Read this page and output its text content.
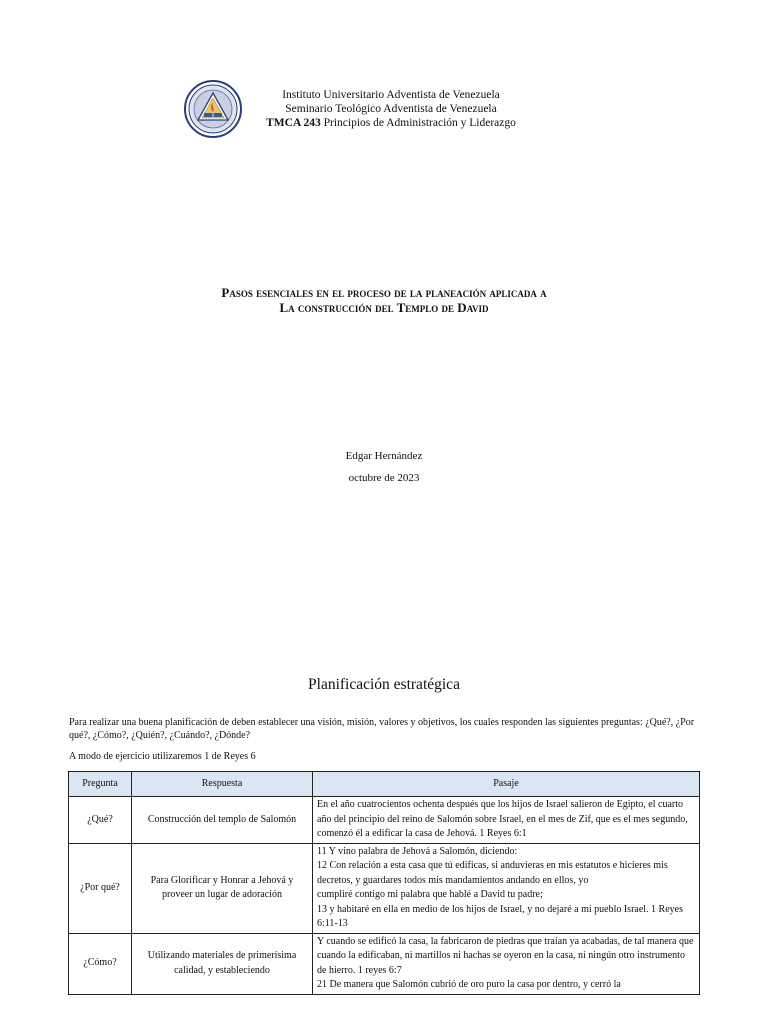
Instituto Universitario Adventista de Venezuela
Seminario Teológico Adventista de Venezuela
TMCA 243 Principios de Administración y Liderazgo
Pasos esenciales en el proceso de la planeación aplicada a
La construcción del Templo de David
Edgar Hernández
octubre de 2023
Planificación estratégica
Para realizar una buena planificación de deben establecer una visión, misión, valores y objetivos, los cuales responden las siguientes preguntas: ¿Qué?, ¿Por qué?, ¿Cómo?, ¿Quién?, ¿Cuándo?, ¿Dónde?
A modo de ejercicio utilizaremos 1 de Reyes 6
Pregunta	Respuesta	Pasaje
¿Qué?	Construcción del templo de Salomón	En el año cuatrocientos ochenta después que los hijos de Israel salieron de Egipto, el cuarto año del principio del reino de Salomón sobre Israel, en el mes de Zif, que es el mes segundo, comenzó él a edificar la casa de Jehová. 1 Reyes 6:1

¿Por qué?	Para Glorificar y Honrar a Jehová y proveer un lugar de adoración	11 Y vino palabra de Jehová a Salomón, diciendo:
12 Con relación a esta casa que tú edificas, si anduvieras en mis estatutos e hicieres mis decretos, y guardares todos mis mandamientos andando en ellos, yo
cumpliré contigo mi palabra que hablé a David tu padre;
13 y habitaré en ella en medio de los hijos de Israel, y no dejaré a mi pueblo Israel. 1 Reyes 6:11-13

¿Cómo?	Utilizando materiales de primerísima calidad, y estableciendo	Y cuando se edificó la casa, la fabricaron de piedras que traían ya acabadas, de tal manera que cuando la edificaban, ni martillos ni hachas se oyeron en la casa, ni ningún otro instrumento de hierro. 1 reyes 6:7
21 De manera que Salomón cubrió de oro puro la casa por dentro, y cerró la
